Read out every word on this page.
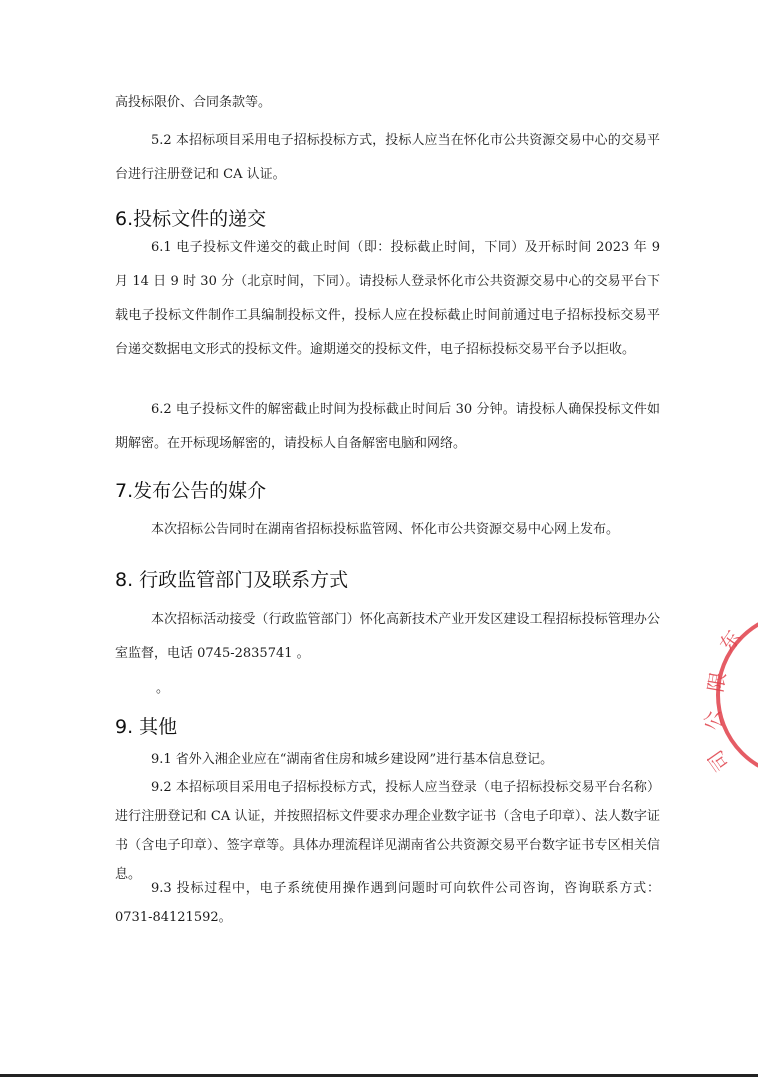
高投标限价、合同条款等。

5.2 本招标项目采用电子招标投标方式，投标人应当在怀化市公共资源交易中心的交易平台进行注册登记和 CA 认证。

6.投标文件的递交

6.1 电子投标文件递交的截止时间（即：投标截止时间，下同）及开标时间 2023 年 9 月 14 日 9 时 30 分（北京时间，下同）。请投标人登录怀化市公共资源交易中心的交易平台下载电子投标文件制作工具编制投标文件，投标人应在投标截止时间前通过电子招标投标交易平台递交数据电文形式的投标文件。逾期递交的投标文件，电子招标投标交易平台予以拒收。

6.2 电子投标文件的解密截止时间为投标截止时间后 30 分钟。请投标人确保投标文件如期解密。在开标现场解密的，请投标人自备解密电脑和网络。

7.发布公告的媒介

本次招标公告同时在湖南省招标投标监管网、怀化市公共资源交易中心网上发布。

8. 行政监管部门及联系方式

本次招标活动接受（行政监管部门）怀化高新技术产业开发区建设工程招标投标管理办公室监督，电话 0745-2835741 。

。
9. 其他

9.1 省外入湘企业应在“湖南省住房和城乡建设网”进行基本信息登记。

9.2 本招标项目采用电子招标投标方式，投标人应当登录（电子招标投标交易平台名称）进行注册登记和 CA 认证，并按照招标文件要求办理企业数字证书（含电子印章）、法人数字证书（含电子印章）、签字章等。具体办理流程详见湖南省公共资源交易平台数字证书专区相关信息。

9.3 投标过程中，电子系统使用操作遇到问题时可向软件公司咨询，咨询联系方式：0731-84121592。

东
限
公
司
